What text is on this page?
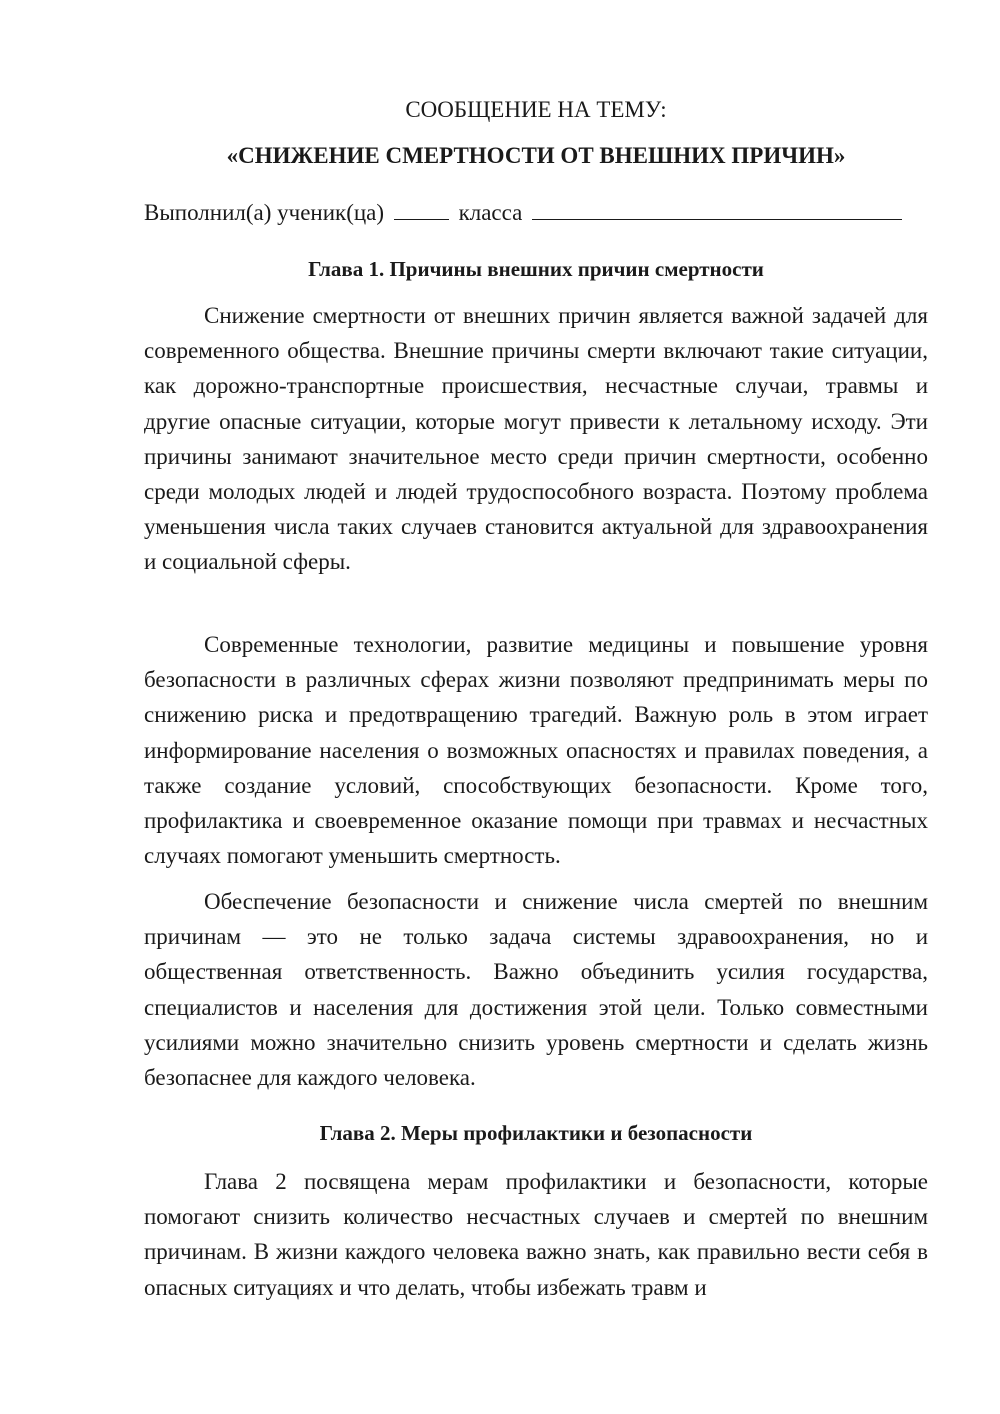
СООБЩЕНИЕ НА ТЕМУ:
«СНИЖЕНИЕ СМЕРТНОСТИ ОТ ВНЕШНИХ ПРИЧИН»
Выполнил(а) ученик(ца)	класса
Глава 1. Причины внешних причин смертности

Снижение смертности от внешних причин является важной задачей для современного общества. Внешние причины смерти включают такие ситуации, как дорожно-транспортные происшествия, несчастные случаи, травмы и другие опасные ситуации, которые могут привести к летальному исходу. Эти причины занимают значительное место среди причин смертности, особенно среди молодых людей и людей трудоспособного возраста. Поэтому проблема уменьшения числа таких случаев становится актуальной для здравоохранения и социальной сферы.

Современные технологии, развитие медицины и повышение уровня безопасности в различных сферах жизни позволяют предпринимать меры по снижению риска и предотвращению трагедий. Важную роль в этом играет информирование населения о возможных опасностях и правилах поведения, а также создание условий, способствующих безопасности. Кроме того, профилактика и своевременное оказание помощи при травмах и несчастных случаях помогают уменьшить смертность.

Обеспечение безопасности и снижение числа смертей по внешним причинам — это не только задача системы здравоохранения, но и общественная ответственность. Важно объединить усилия государства, специалистов и населения для достижения этой цели. Только совместными усилиями можно значительно снизить уровень смертности и сделать жизнь безопаснее для каждого человека.

Глава 2. Меры профилактики и безопасности

Глава 2 посвящена мерам профилактики и безопасности, которые помогают снизить количество несчастных случаев и смертей по внешним причинам. В жизни каждого человека важно знать, как правильно вести себя в опасных ситуациях и что делать, чтобы избежать травм и
